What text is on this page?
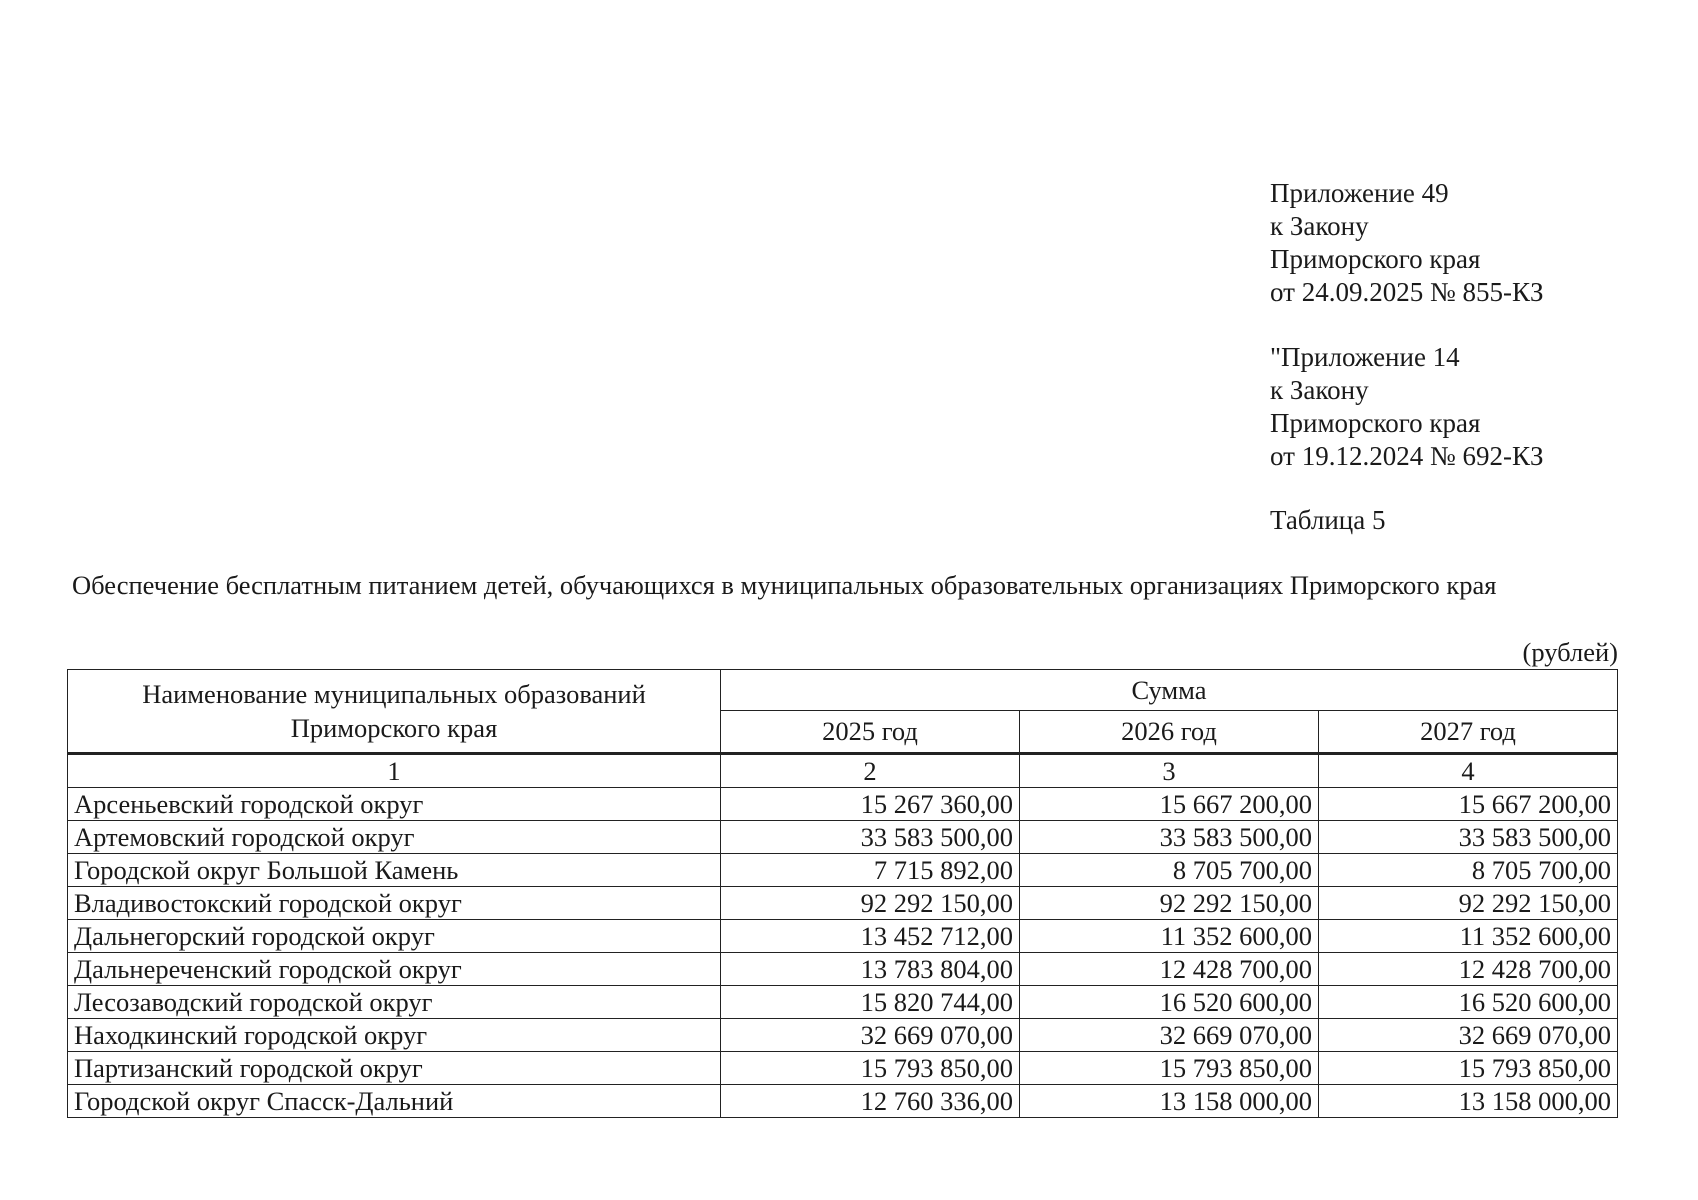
Приложение 49
к Закону
Приморского края
от 24.09.2025 № 855-КЗ
"Приложение 14
к Закону
Приморского края
от 19.12.2024 № 692-КЗ
Таблица 5
Обеспечение бесплатным питанием детей, обучающихся в муниципальных образовательных организациях Приморского края
(рублей)
Наименование муниципальных образований Приморского края	Сумма		
	2025 год	2026 год	2027 год
1	2	3	4
Арсеньевский городской округ	15 267 360,00	15 667 200,00	15 667 200,00
Артемовский городской округ	33 583 500,00	33 583 500,00	33 583 500,00
Городской округ Большой Камень	7 715 892,00	8 705 700,00	8 705 700,00
Владивостокский городской округ	92 292 150,00	92 292 150,00	92 292 150,00
Дальнегорский городской округ	13 452 712,00	11 352 600,00	11 352 600,00
Дальнереченский городской округ	13 783 804,00	12 428 700,00	12 428 700,00
Лесозаводский городской округ	15 820 744,00	16 520 600,00	16 520 600,00
Находкинский городской округ	32 669 070,00	32 669 070,00	32 669 070,00
Партизанский городской округ	15 793 850,00	15 793 850,00	15 793 850,00
Городской округ Спасск-Дальний	12 760 336,00	13 158 000,00	13 158 000,00
